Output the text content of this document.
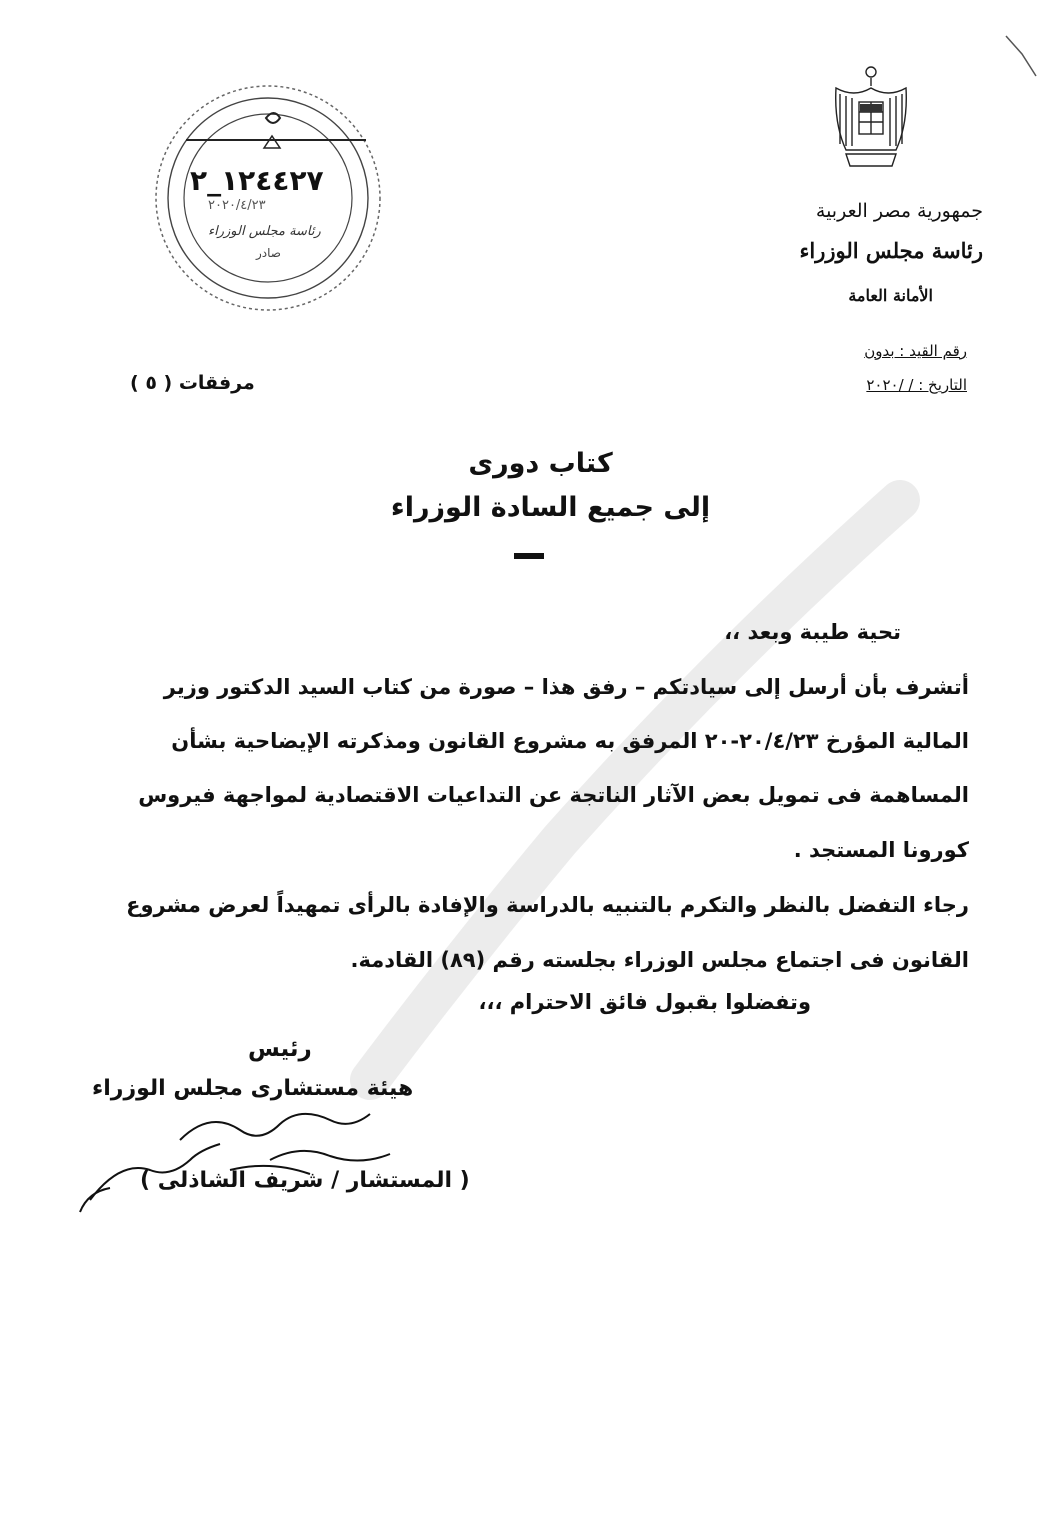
جمهورية مصر العربية
رئاسة مجلس الوزراء
الأمانة العامة
رقم القيد : بدون
التاريخ : / /٢٠٢٠
١٢٤٤٢٧_٢
٢٠٢٠/٤/٢٣
رئاسة مجلس الوزراء
صادر
مرفقات ( ٥ )
كتاب دورى
إلى جميع السادة الوزراء
تحية طيبة وبعد ،،
أتشرف بأن أرسل إلى سيادتكم – رفق هذا – صورة من كتاب السيد الدكتور وزير
المالية المؤرخ ٢٠/٤/٢٣-٢٠ المرفق به مشروع القانون ومذكرته الإيضاحية بشأن
المساهمة فى تمويل بعض الآثار الناتجة عن التداعيات الاقتصادية لمواجهة فيروس
كورونا المستجد .
رجاء التفضل بالنظر والتكرم بالتنبيه بالدراسة والإفادة بالرأى تمهيداً لعرض مشروع
القانون فى اجتماع مجلس الوزراء بجلسته رقم (٨٩) القادمة.
وتفضلوا بقبول فائق الاحترام ،،،
رئيس
هيئة مستشارى مجلس الوزراء
( المستشار / شريف الشاذلى )
